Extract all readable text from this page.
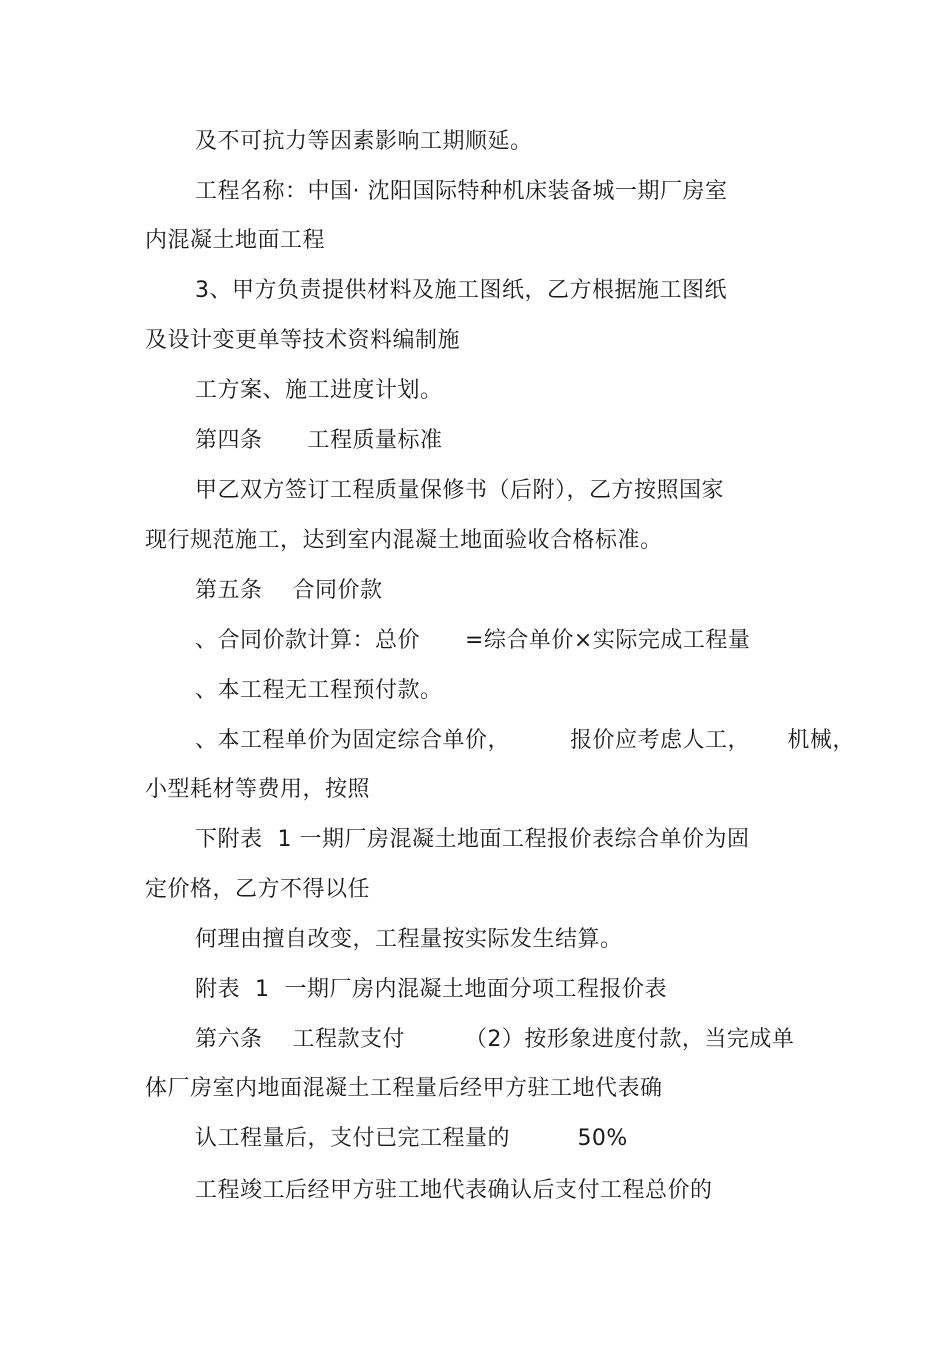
及不可抗力等因素影响工期顺延。
工程名称：中国· 沈阳国际特种机床装备城一期厂房室
内混凝土地面工程
3、甲方负责提供材料及施工图纸，乙方根据施工图纸
及设计变更单等技术资料编制施
工方案、施工进度计划。
第四条      工程质量标准
甲乙双方签订工程质量保修书（后附），乙方按照国家
现行规范施工，达到室内混凝土地面验收合格标准。
第五条    合同价款
、合同价款计算：总价      =综合单价×实际完成工程量
、本工程无工程预付款。
、本工程单价为固定综合单价，        报价应考虑人工，     机械，
小型耗材等费用，按照
下附表  1 一期厂房混凝土地面工程报价表综合单价为固
定价格，乙方不得以任
何理由擅自改变，工程量按实际发生结算。
附表  1  一期厂房内混凝土地面分项工程报价表
第六条    工程款支付        （2）按形象进度付款，当完成单
体厂房室内地面混凝土工程量后经甲方驻工地代表确
认工程量后，支付已完工程量的         50%
工程竣工后经甲方驻工地代表确认后支付工程总价的
